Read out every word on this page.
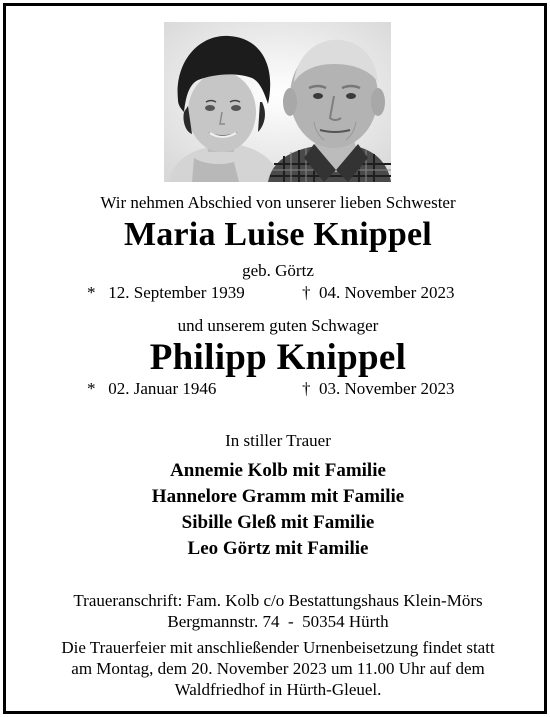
Wir nehmen Abschied von unserer lieben Schwester
Maria Luise Knippel
geb. Görtz
* 12. September 1939	† 04. November 2023
und unserem guten Schwager
Philipp Knippel
* 02. Januar 1946	† 03. November 2023
In stiller Trauer
Annemie Kolb mit Familie
Hannelore Gramm mit Familie
Sibille Gleß mit Familie
Leo Görtz mit Familie
Traueranschrift: Fam. Kolb c/o Bestattungshaus Klein-Mörs
Bergmannstr. 74  -  50354 Hürth
Die Trauerfeier mit anschließender Urnenbeisetzung findet statt
am Montag, dem 20. November 2023 um 11.00 Uhr auf dem
Waldfriedhof in Hürth-Gleuel.
